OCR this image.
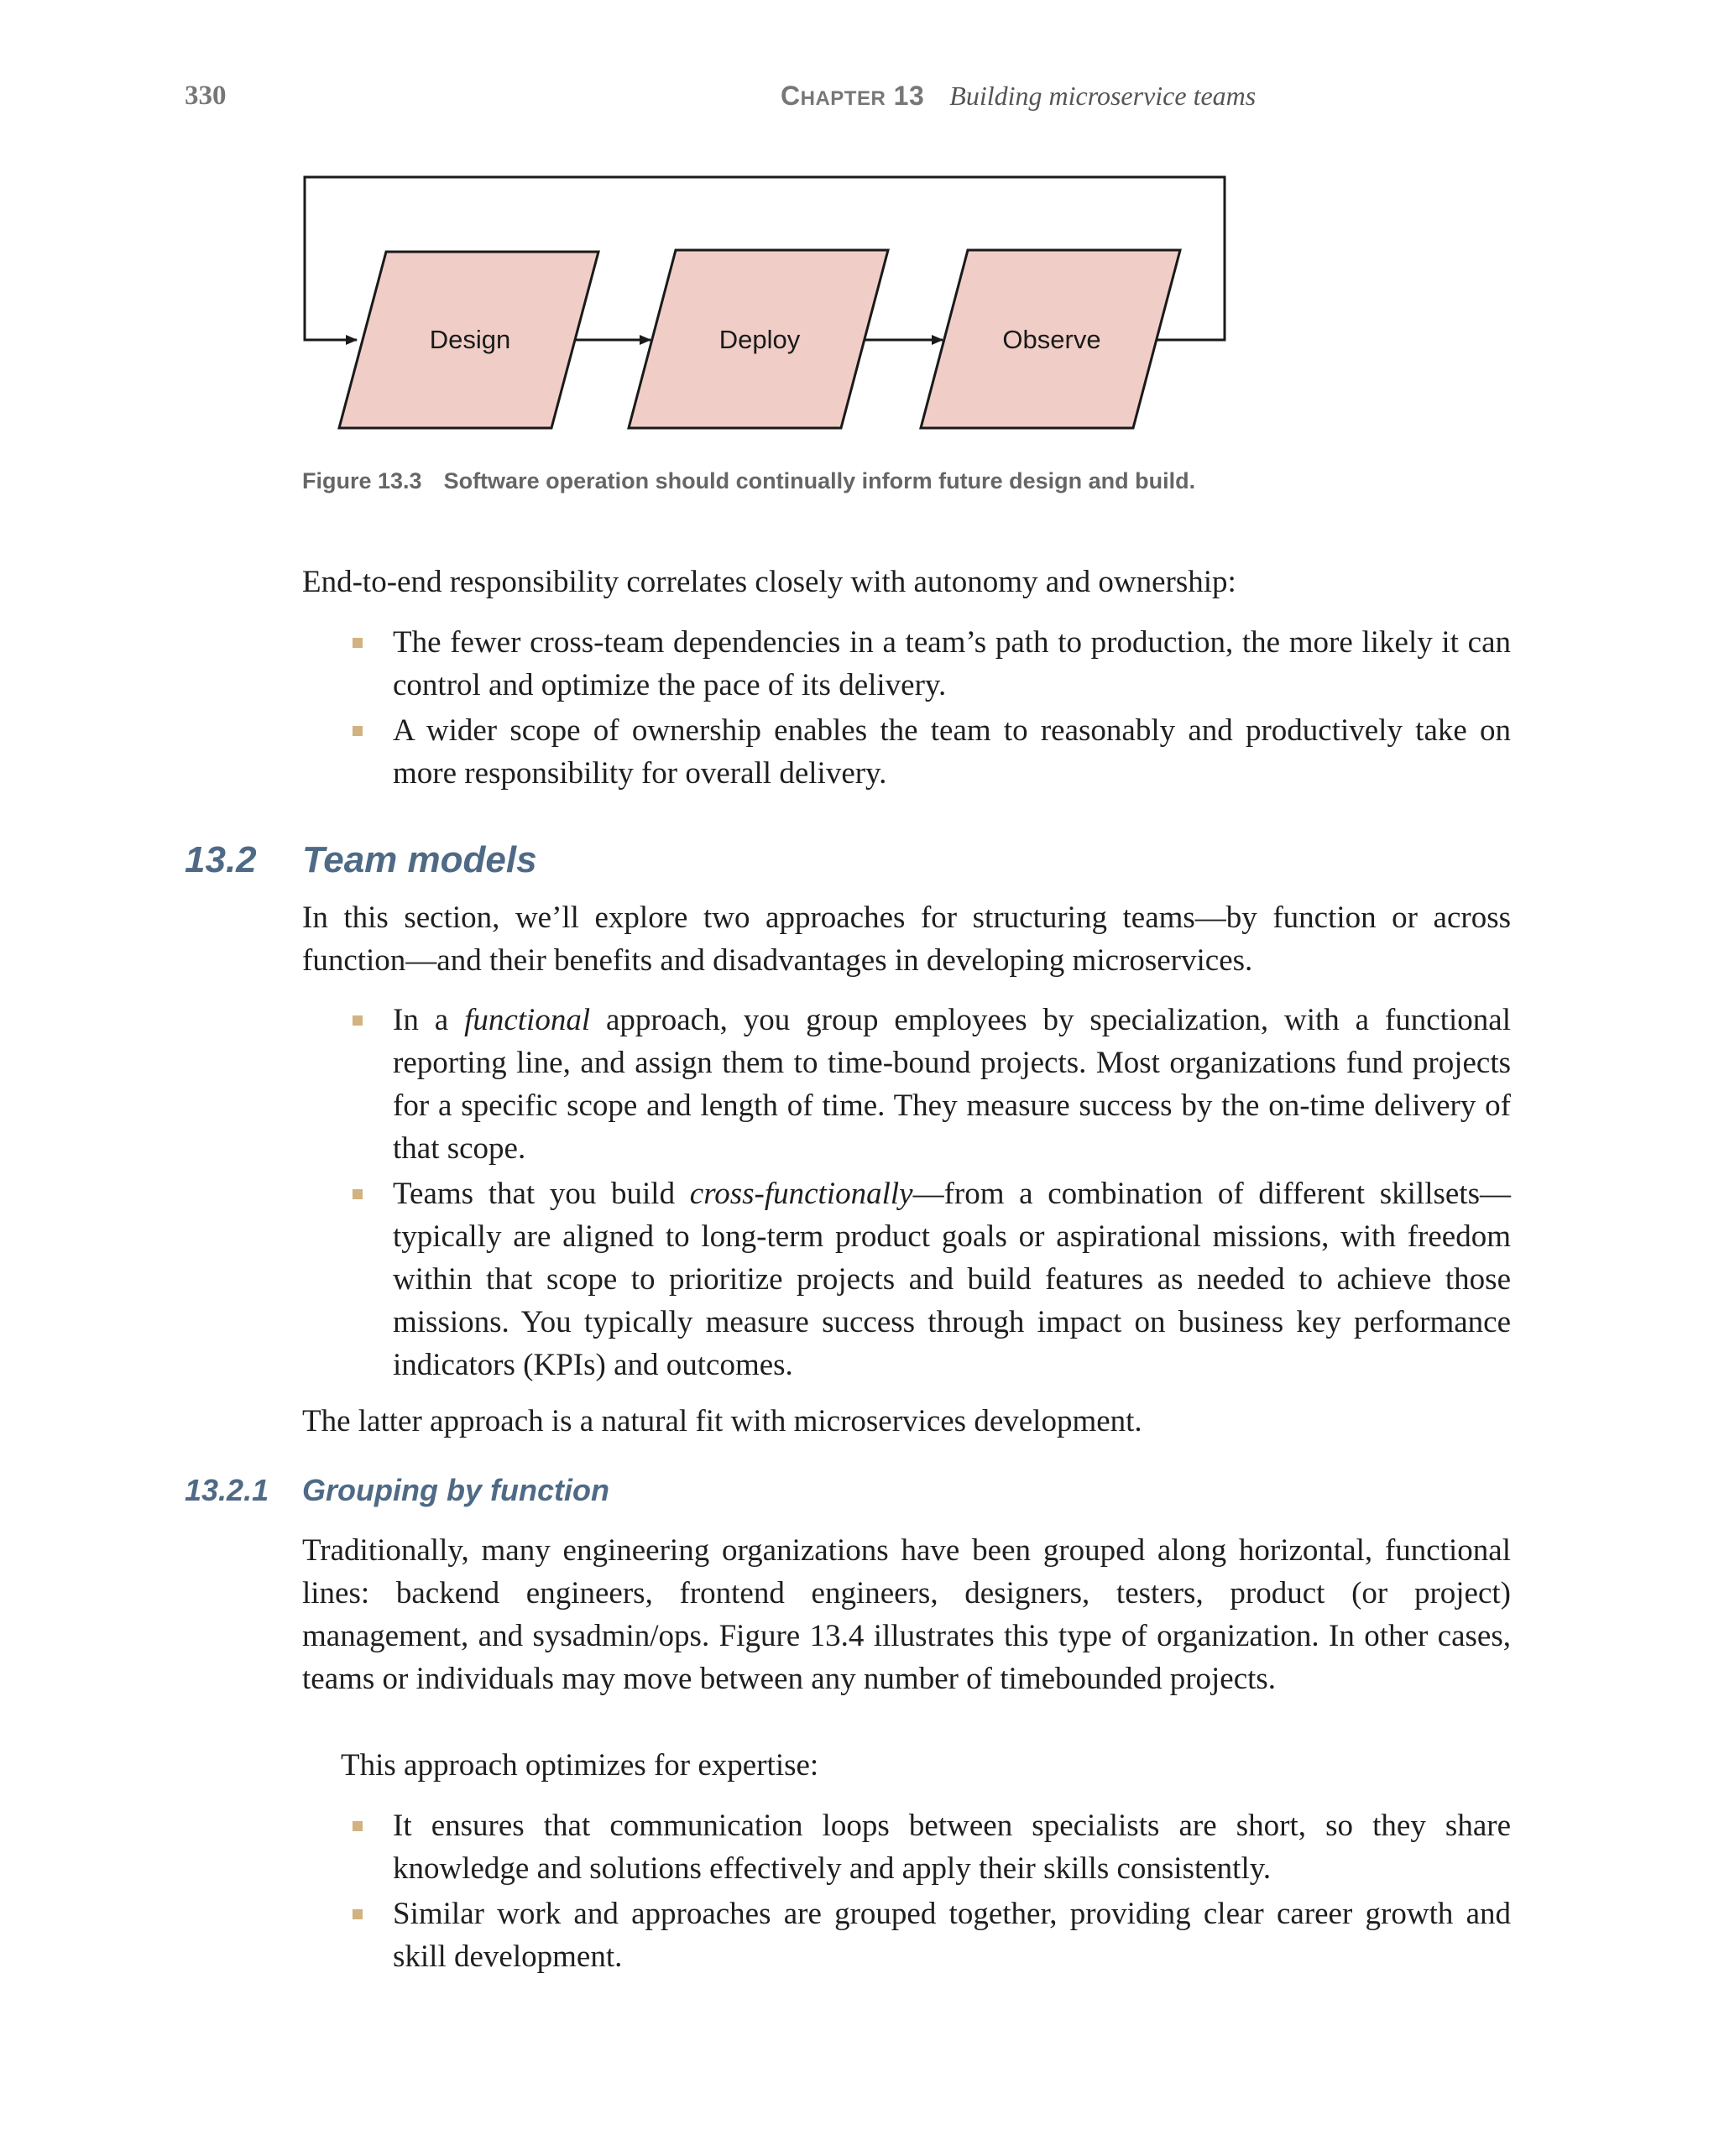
330	CHAPTER 13 Building microservice teams
Design	Deploy	Observe
Figure 13.3 Software operation should continually inform future design and build.

End-to-end responsibility correlates closely with autonomy and ownership:

The fewer cross-team dependencies in a team’s path to production, the more likely it can control and optimize the pace of its delivery.
A wider scope of ownership enables the team to reasonably and productively take on more responsibility for overall delivery.
13.2 Team models

In this section, we’ll explore two approaches for structuring teams—by function or across function—and their benefits and disadvantages in developing microservices.

In a functional approach, you group employees by specialization, with a functional reporting line, and assign them to time-bound projects. Most organizations fund projects for a specific scope and length of time. They measure success by the on-time delivery of that scope.
Teams that you build cross-functionally—from a combination of different skillsets—typically are aligned to long-term product goals or aspirational missions, with freedom within that scope to prioritize projects and build features as needed to achieve those missions. You typically measure success through impact on business key performance indicators (KPIs) and outcomes.

The latter approach is a natural fit with microservices development.

13.2.1 Grouping by function

Traditionally, many engineering organizations have been grouped along horizontal, functional lines: backend engineers, frontend engineers, designers, testers, product (or project) management, and sysadmin/ops. Figure 13.4 illustrates this type of organization. In other cases, teams or individuals may move between any number of timebounded projects.

This approach optimizes for expertise:

It ensures that communication loops between specialists are short, so they share knowledge and solutions effectively and apply their skills consistently.
Similar work and approaches are grouped together, providing clear career growth and skill development.
